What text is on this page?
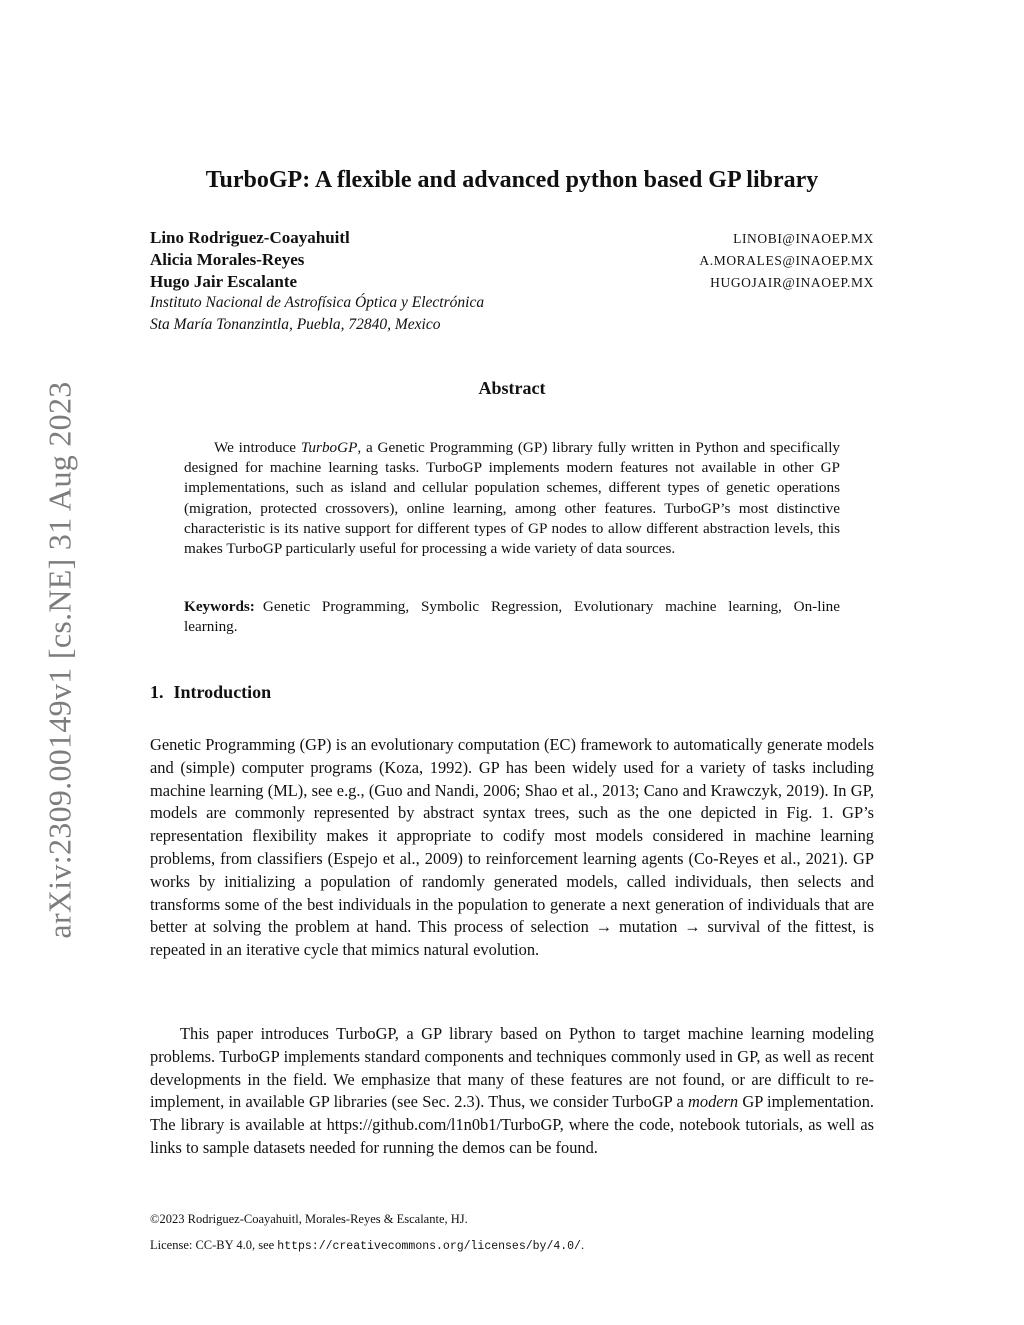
arXiv:2309.00149v1 [cs.NE] 31 Aug 2023
TurboGP: A flexible and advanced python based GP library
Lino Rodriguez-Coayahuitl	LINOBI@INAOEP.MX
Alicia Morales-Reyes	A.MORALES@INAOEP.MX
Hugo Jair Escalante	HUGOJAIR@INAOEP.MX
Instituto Nacional de Astrofísica Óptica y Electrónica
Sta María Tonanzintla, Puebla, 72840, Mexico
Abstract
We introduce TurboGP, a Genetic Programming (GP) library fully written in Python and specifically designed for machine learning tasks. TurboGP implements modern features not available in other GP implementations, such as island and cellular population schemes, different types of genetic operations (migration, protected crossovers), online learning, among other features. TurboGP’s most distinctive characteristic is its native support for different types of GP nodes to allow different abstraction levels, this makes TurboGP particularly useful for processing a wide variety of data sources.
Keywords: Genetic Programming, Symbolic Regression, Evolutionary machine learning, On-line learning.
1. Introduction
Genetic Programming (GP) is an evolutionary computation (EC) framework to automatically generate models and (simple) computer programs (Koza, 1992). GP has been widely used for a variety of tasks including machine learning (ML), see e.g., (Guo and Nandi, 2006; Shao et al., 2013; Cano and Krawczyk, 2019). In GP, models are commonly represented by abstract syntax trees, such as the one depicted in Fig. 1. GP’s representation flexibility makes it appropriate to codify most models considered in machine learning problems, from classifiers (Espejo et al., 2009) to reinforcement learning agents (Co-Reyes et al., 2021). GP works by initializing a population of randomly generated models, called individuals, then selects and transforms some of the best individuals in the population to generate a next generation of individuals that are better at solving the problem at hand. This process of selection → mutation → survival of the fittest, is repeated in an iterative cycle that mimics natural evolution.
This paper introduces TurboGP, a GP library based on Python to target machine learning modeling problems. TurboGP implements standard components and techniques commonly used in GP, as well as recent developments in the field. We emphasize that many of these features are not found, or are difficult to re-implement, in available GP libraries (see Sec. 2.3). Thus, we consider TurboGP a modern GP implementation. The library is available at https://github.com/l1n0b1/TurboGP, where the code, notebook tutorials, as well as links to sample datasets needed for running the demos can be found.
©2023 Rodriguez-Coayahuitl, Morales-Reyes & Escalante, HJ.
License: CC-BY 4.0, see https://creativecommons.org/licenses/by/4.0/.
